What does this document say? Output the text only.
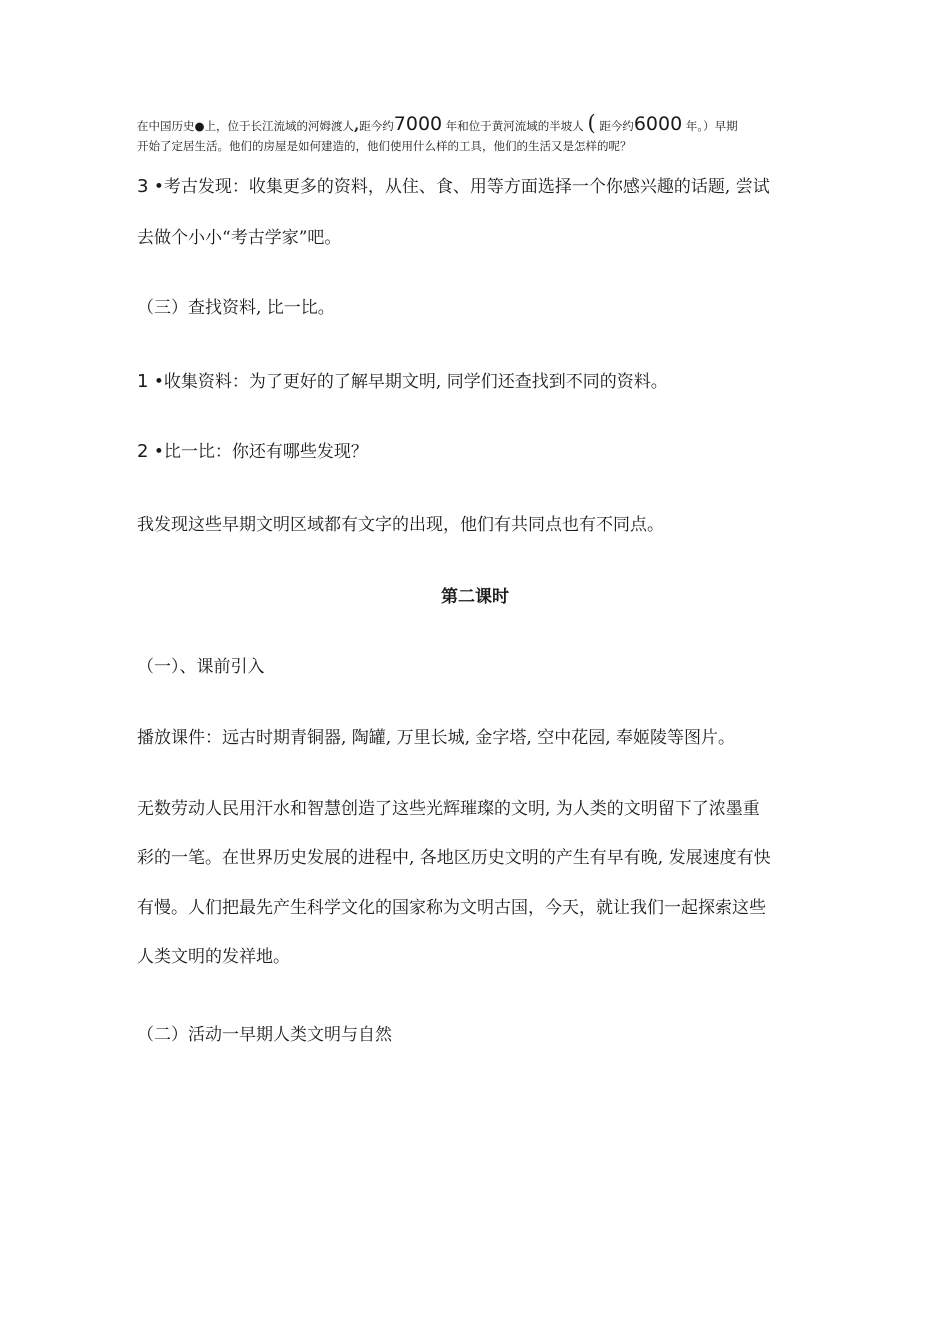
在中国历史●上，位于长江流域的河姆渡人,距今约7000 年和位于黄河流域的半坡人 ( 距今约6000 年。）早期
开始了定居生活。他们的房屋是如何建造的，他们使用什么样的工具，他们的生活又是怎样的呢？
3 •考古发现：收集更多的资料，从住、食、用等方面选择一个你感兴趣的话题, 尝试
去做个小小“考古学家”吧。
（三）查找资料, 比一比。
1 •收集资料：为了更好的了解早期文明, 同学们还查找到不同的资料。
2 •比一比：你还有哪些发现？
我发现这些早期文明区域都有文字的出现，他们有共同点也有不同点。
第二课时
（一）、课前引入
播放课件：远古时期青铜器, 陶罐, 万里长城, 金字塔, 空中花园, 奉姬陵等图片。
无数劳动人民用汗水和智慧创造了这些光辉璀璨的文明, 为人类的文明留下了浓墨重
彩的一笔。在世界历史发展的进程中, 各地区历史文明的产生有早有晚, 发展速度有快
有慢。人们把最先产生科学文化的国家称为文明古国，今天，就让我们一起探索这些
人类文明的发祥地。
（二）活动一早期人类文明与自然
